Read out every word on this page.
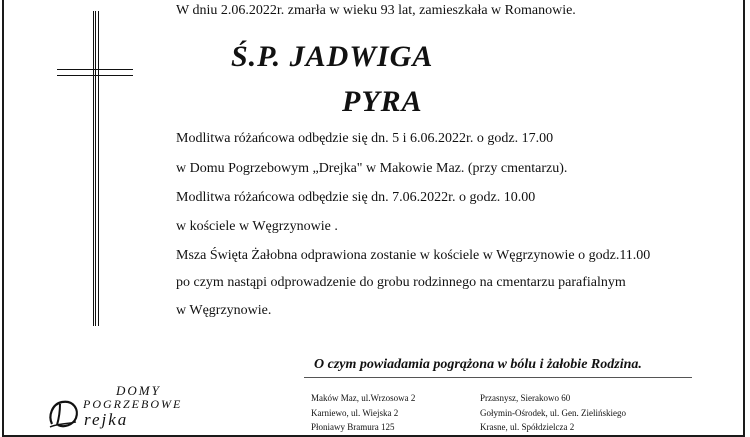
W dniu 2.06.2022r. zmarła w wieku 93 lat, zamieszkała w Romanowie.
Ś.P. JADWIGA
PYRA
Modlitwa różańcowa odbędzie się dn. 5 i 6.06.2022r. o godz. 17.00
w Domu Pogrzebowym „Drejka" w Makowie Maz. (przy cmentarzu).
Modlitwa różańcowa odbędzie się dn. 7.06.2022r. o godz. 10.00
w kościele w Węgrzynowie .
Msza Święta Żałobna odprawiona zostanie w kościele w Węgrzynowie o godz.11.00
po czym nastąpi odprowadzenie do grobu rodzinnego na cmentarzu parafialnym
w Węgrzynowie.
O czym powiadamia pogrążona w bólu i żałobie Rodzina.
DOMY
POGRZEBOWE
rejka
Maków Maz, ul.Wrzosowa 2
Karniewo, ul. Wiejska 2
Płoniawy Bramura 125
Przasnysz, Sierakowo 60
Gołymin-Ośrodek, ul. Gen. Zielińskiego
Krasne, ul. Spółdzielcza 2
